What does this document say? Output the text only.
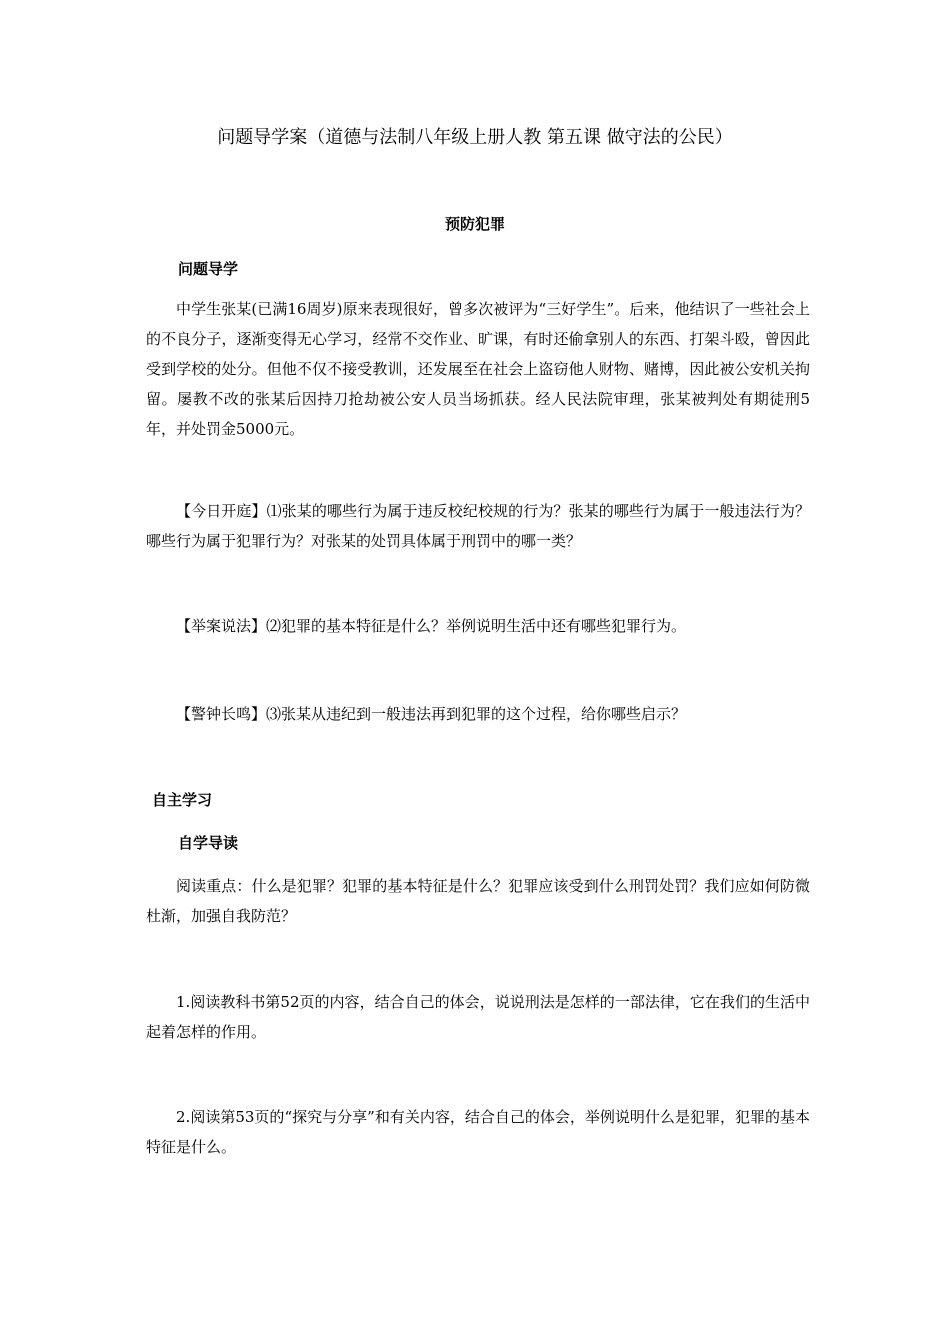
问题导学案（道德与法制八年级上册人教 第五课 做守法的公民）
预防犯罪
问题导学

中学生张某(已满16周岁)原来表现很好，曾多次被评为“三好学生”。后来，他结识了一些社会上的不良分子，逐渐变得无心学习，经常不交作业、旷课，有时还偷拿别人的东西、打架斗殴，曾因此受到学校的处分。但他不仅不接受教训，还发展至在社会上盗窃他人财物、赌博，因此被公安机关拘留。屡教不改的张某后因持刀抢劫被公安人员当场抓获。经人民法院审理，张某被判处有期徒刑5年，并处罚金5000元。

【今日开庭】⑴张某的哪些行为属于违反校纪校规的行为？张某的哪些行为属于一般违法行为？哪些行为属于犯罪行为？对张某的处罚具体属于刑罚中的哪一类？

【举案说法】⑵犯罪的基本特征是什么？举例说明生活中还有哪些犯罪行为。

【警钟长鸣】⑶张某从违纪到一般违法再到犯罪的这个过程，给你哪些启示？

自主学习
自学导读

阅读重点：什么是犯罪？犯罪的基本特征是什么？犯罪应该受到什么刑罚处罚？我们应如何防微杜渐，加强自我防范？

1.阅读教科书第52页的内容，结合自己的体会，说说刑法是怎样的一部法律，它在我们的生活中起着怎样的作用。

2.阅读第53页的“探究与分享”和有关内容，结合自己的体会，举例说明什么是犯罪，犯罪的基本特征是什么。
